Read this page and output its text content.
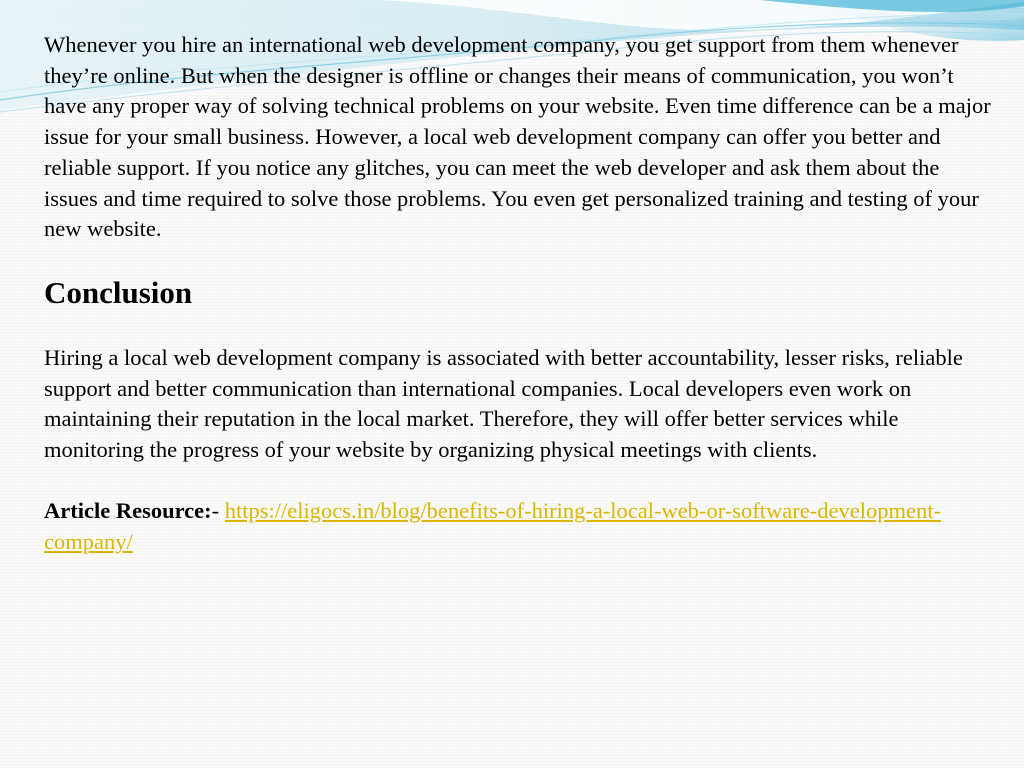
Whenever you hire an international web development company, you get support from them whenever they’re online. But when the designer is offline or changes their means of communication, you won’t have any proper way of solving technical problems on your website. Even time difference can be a major issue for your small business. However, a local web development company can offer you better and reliable support. If you notice any glitches, you can meet the web developer and ask them about the issues and time required to solve those problems. You even get personalized training and testing of your new website.

Conclusion

Hiring a local web development company is associated with better accountability, lesser risks, reliable support and better communication than international companies. Local developers even work on maintaining their reputation in the local market. Therefore, they will offer better services while monitoring the progress of your website by organizing physical meetings with clients.

Article Resource:- https://eligocs.in/blog/benefits-of-hiring-a-local-web-or-software-development-company/
